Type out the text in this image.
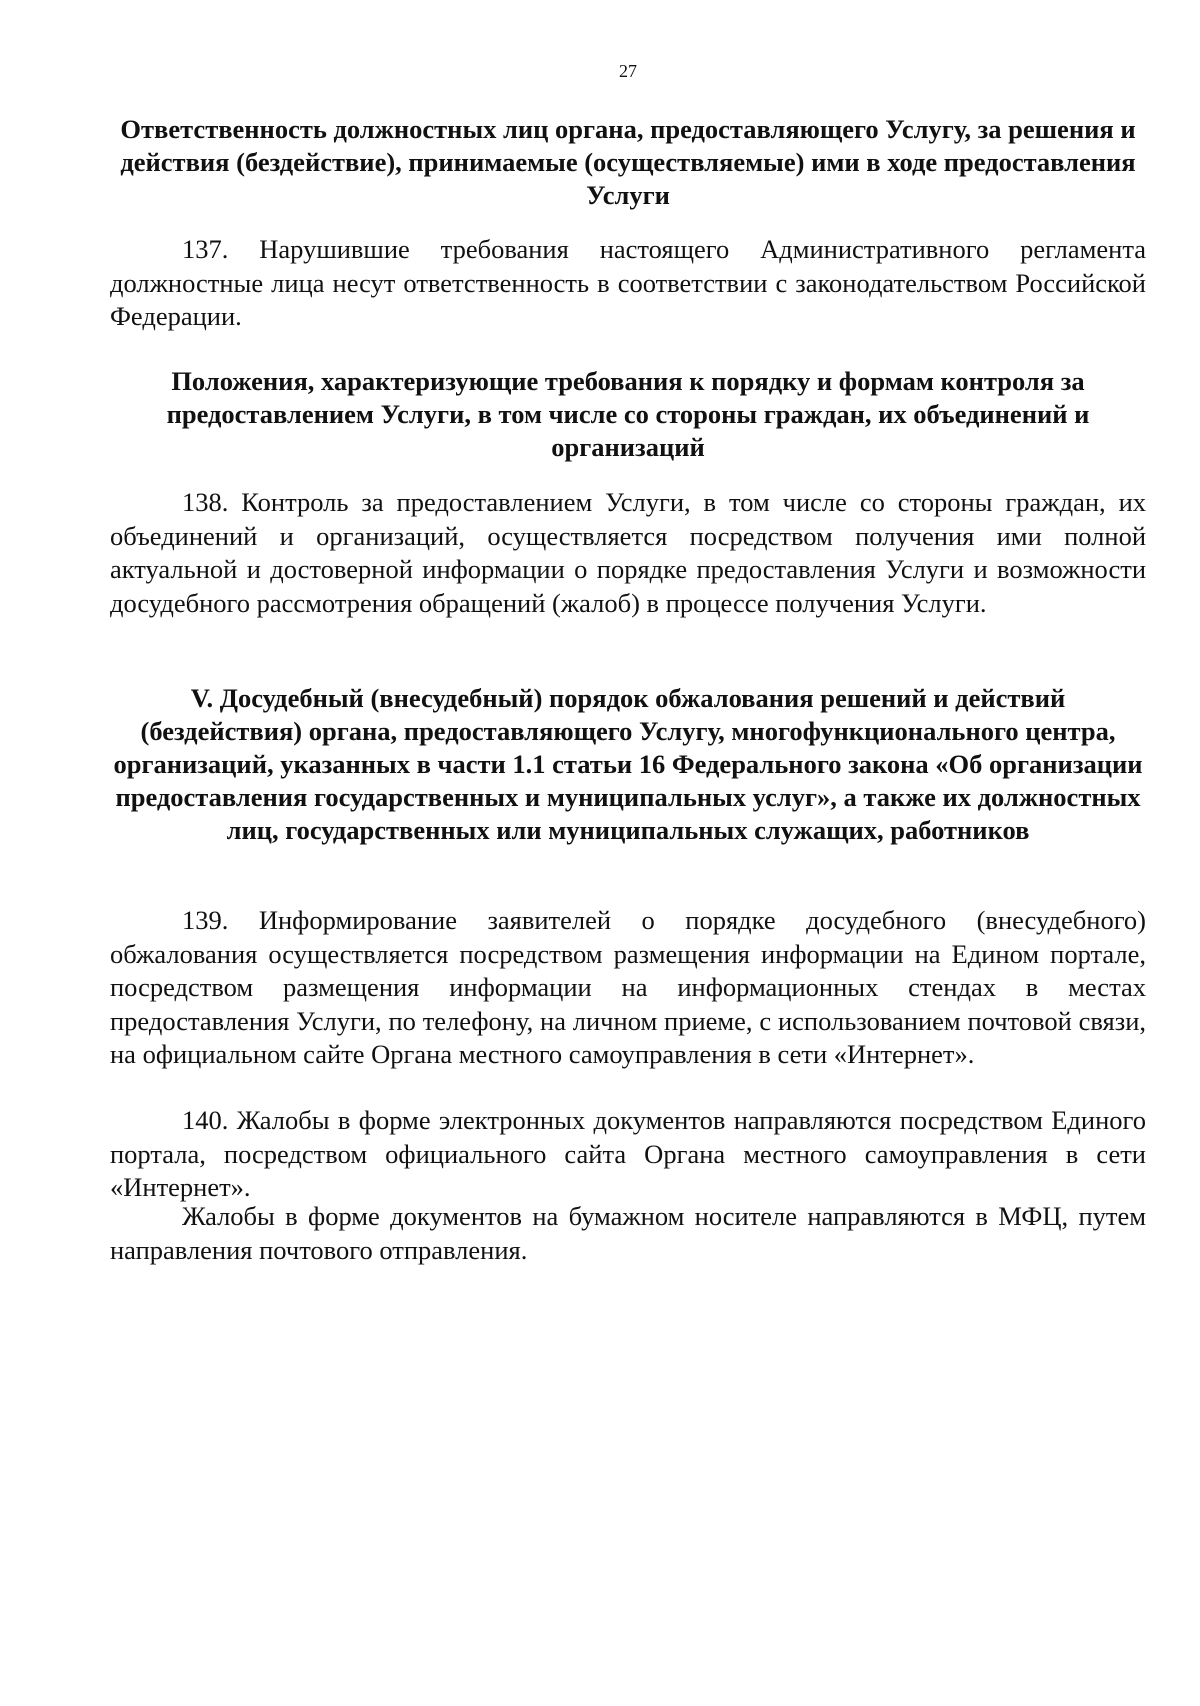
27

Ответственность должностных лиц органа, предоставляющего Услугу, за решения и действия (бездействие), принимаемые (осуществляемые) ими в ходе предоставления Услуги

137. Нарушившие требования настоящего Административного регламента должностные лица несут ответственность в соответствии с законодательством Российской Федерации.

Положения, характеризующие требования к порядку и формам контроля за предоставлением Услуги, в том числе со стороны граждан, их объединений и организаций

138. Контроль за предоставлением Услуги, в том числе со стороны граждан, их объединений и организаций, осуществляется посредством получения ими полной актуальной и достоверной информации о порядке предоставления Услуги и возможности досудебного рассмотрения обращений (жалоб) в процессе получения Услуги.

V. Досудебный (внесудебный) порядок обжалования решений и действий (бездействия) органа, предоставляющего Услугу, многофункционального центра, организаций, указанных в части 1.1 статьи 16 Федерального закона «Об организации предоставления государственных и муниципальных услуг», а также их должностных лиц, государственных или муниципальных служащих, работников

139. Информирование заявителей о порядке досудебного (внесудебного) обжалования осуществляется посредством размещения информации на Едином портале, посредством размещения информации на информационных стендах в местах предоставления Услуги, по телефону, на личном приеме, с использованием почтовой связи, на официальном сайте Органа местного самоуправления в сети «Интернет».

140. Жалобы в форме электронных документов направляются посредством Единого портала, посредством официального сайта Органа местного самоуправления в сети «Интернет».

Жалобы в форме документов на бумажном носителе направляются в МФЦ, путем направления почтового отправления.
